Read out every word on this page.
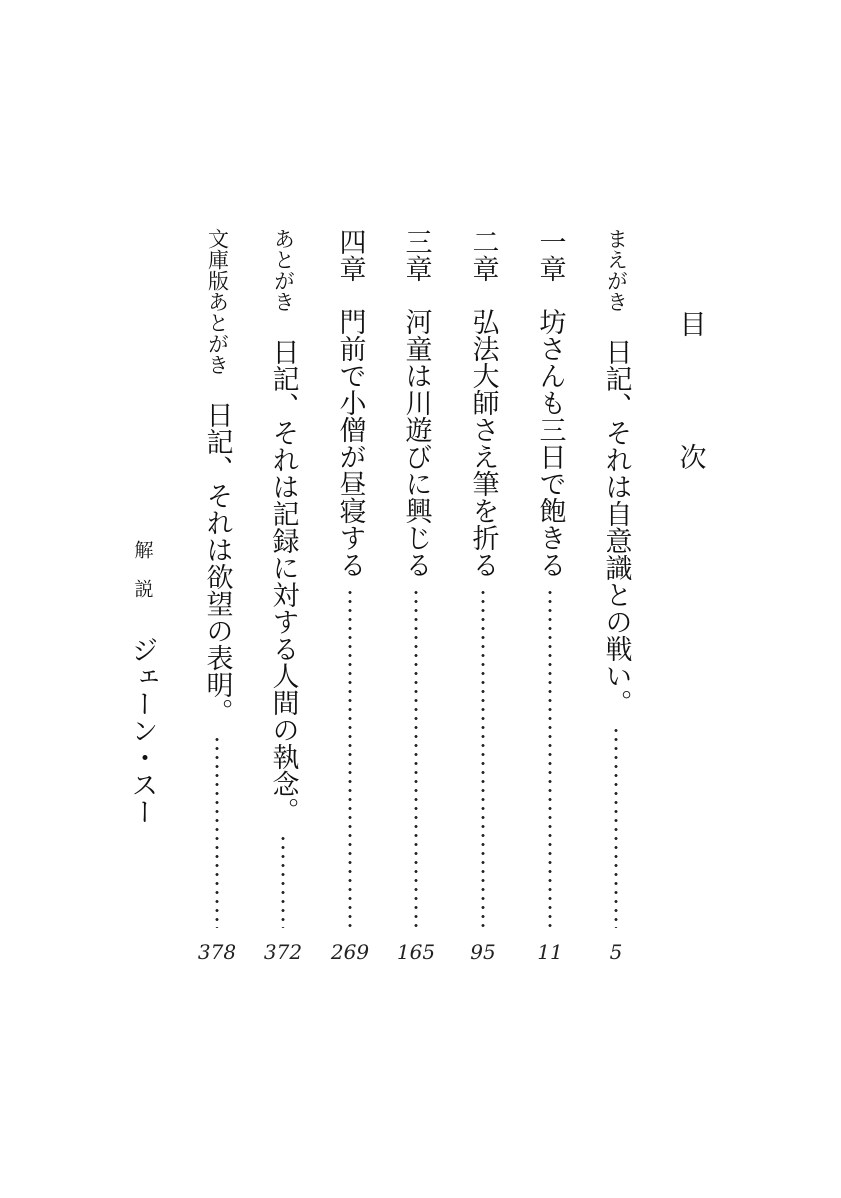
目
次
まえがき
日記、それは自意識との戦い。
5
一章
坊さんも三日で飽きる
11
二章
弘法大師さえ筆を折る
95
三章
河童は川遊びに興じる
165
四章
門前で小僧が昼寝する
269
あとがき
日記、それは記録に対する人間の執念。
372
文庫版あとがき
日記、それは欲望の表明。
378
解説
ジェーン・スー
